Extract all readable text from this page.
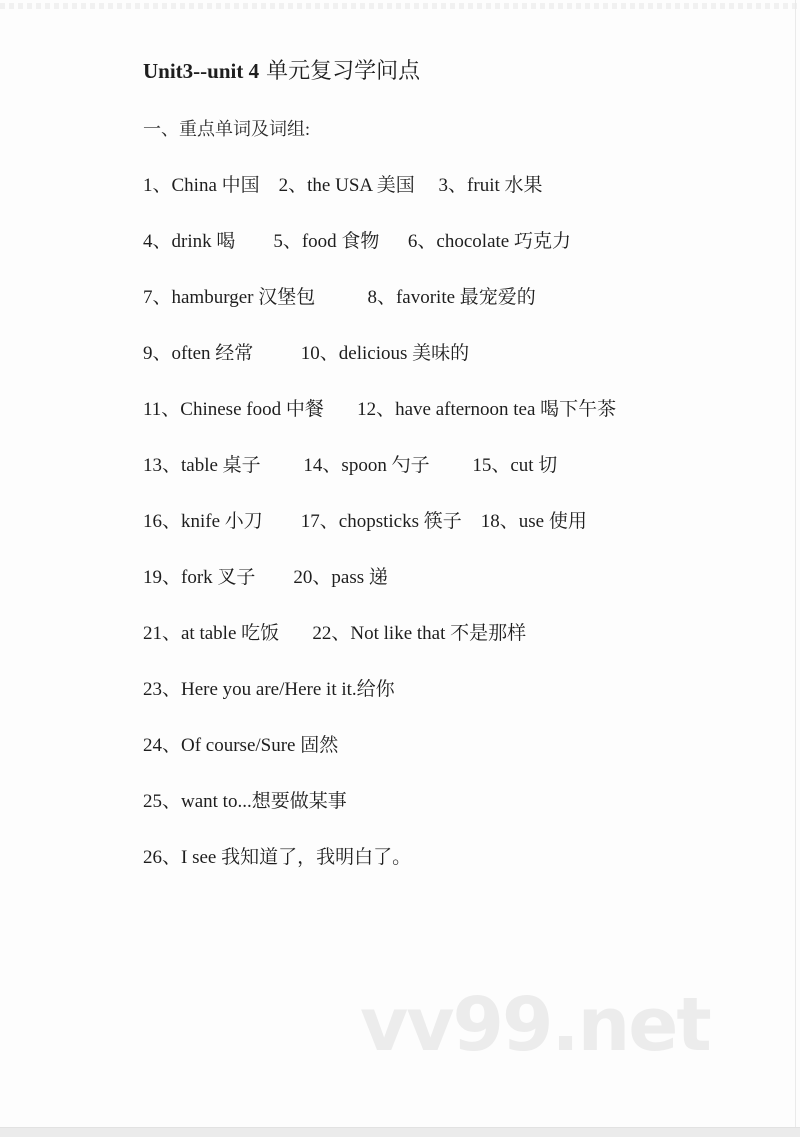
Unit3--unit 4 单元复习学问点

一、重点单词及词组:

1、China 中国    2、the USA 美国     3、fruit 水果

4、drink 喝        5、food 食物      6、chocolate 巧克力

7、hamburger 汉堡包           8、favorite 最宠爱的

9、often 经常          10、delicious 美味的

11、Chinese food 中餐       12、have afternoon tea 喝下午茶

13、table 桌子         14、spoon 勺子         15、cut 切

16、knife 小刀        17、chopsticks 筷子    18、use 使用

19、fork 叉子        20、pass 递

21、at table 吃饭       22、Not like that 不是那样

23、Here you are/Here it it.给你

24、Of course/Sure 固然

25、want to...想要做某事

26、I see 我知道了，我明白了。

vv99.net
